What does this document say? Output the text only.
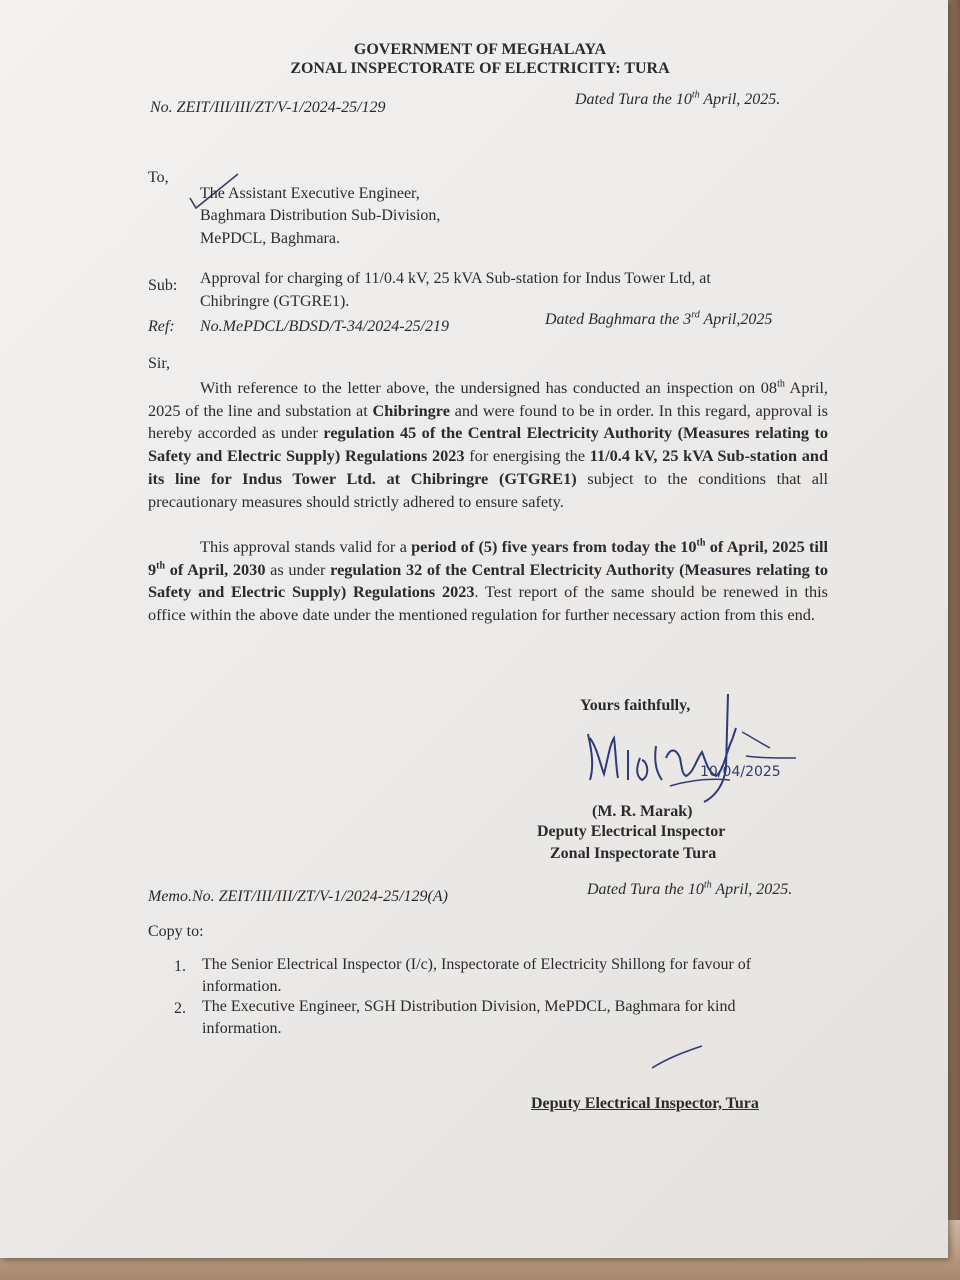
GOVERNMENT OF MEGHALAYA
ZONAL INSPECTORATE OF ELECTRICITY: TURA
No. ZEIT/III/III/ZT/V-1/2024-25/129	Dated Tura the 10th April, 2025.
To,
The Assistant Executive Engineer,
Baghmara Distribution Sub-Division,
MePDCL, Baghmara.
Sub: Approval for charging of 11/0.4 kV, 25 kVA Sub-station for Indus Tower Ltd, at
Chibringre (GTGRE1).
Ref: No.MePDCL/BDSD/T-34/2024-25/219	Dated Baghmara the 3rd April,2025
Sir,
With reference to the letter above, the undersigned has conducted an inspection on 08th April, 2025 of the line and substation at Chibringre and were found to be in order. In this regard, approval is hereby accorded as under regulation 45 of the Central Electricity Authority (Measures relating to Safety and Electric Supply) Regulations 2023 for energising the 11/0.4 kV, 25 kVA Sub-station and its line for Indus Tower Ltd. at Chibringre (GTGRE1) subject to the conditions that all precautionary measures should strictly adhered to ensure safety.
This approval stands valid for a period of (5) five years from today the 10th of April, 2025 till 9th of April, 2030 as under regulation 32 of the Central Electricity Authority (Measures relating to Safety and Electric Supply) Regulations 2023. Test report of the same should be renewed in this office within the above date under the mentioned regulation for further necessary action from this end.
Yours faithfully,
10/04/2025
(M. R. Marak)
Deputy Electrical Inspector
Zonal Inspectorate Tura
Memo.No. ZEIT/III/III/ZT/V-1/2024-25/129(A)	Dated Tura the 10th April, 2025.
Copy to:
1. The Senior Electrical Inspector (I/c), Inspectorate of Electricity Shillong for favour of
information.
2. The Executive Engineer, SGH Distribution Division, MePDCL, Baghmara for kind
information.
Deputy Electrical Inspector, Tura
